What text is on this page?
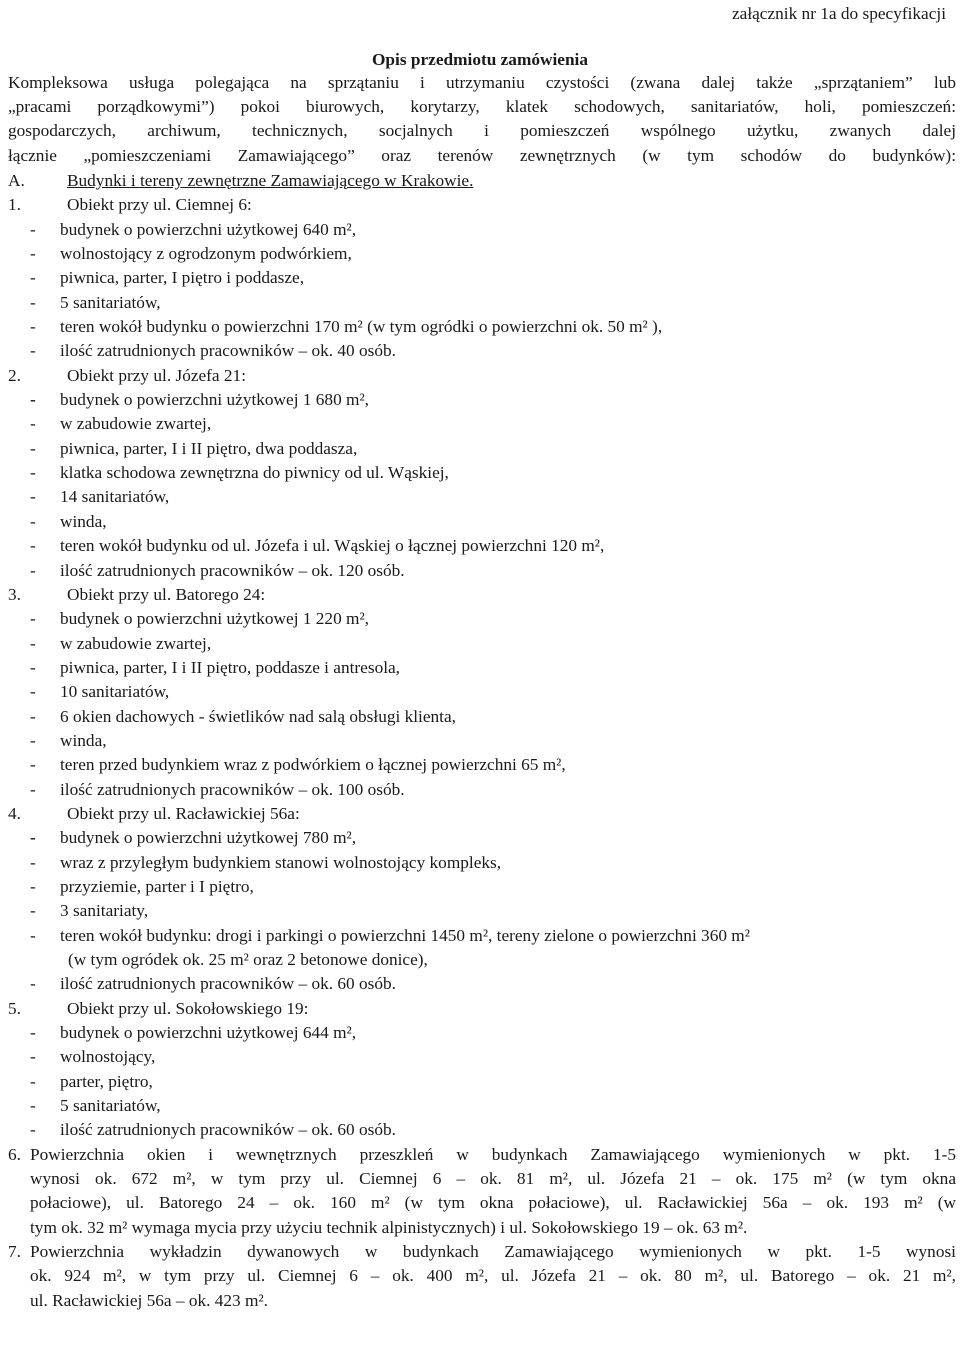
załącznik nr 1a do specyfikacji
Opis przedmiotu zamówienia
Kompleksowa usługa polegająca na sprzątaniu i utrzymaniu czystości (zwana dalej także „sprzątaniem” lub
„pracami porządkowymi”) pokoi biurowych, korytarzy, klatek schodowych, sanitariatów, holi, pomieszczeń:
gospodarczych, archiwum, technicznych, socjalnych i pomieszczeń wspólnego użytku, zwanych dalej
łącznie „pomieszczeniami Zamawiającego” oraz terenów zewnętrznych (w tym schodów do budynków):
A. Budynki i tereny zewnętrzne Zamawiającego w Krakowie.
1.	Obiekt przy ul. Ciemnej 6:
- budynek o powierzchni użytkowej 640 m²,
- wolnostojący z ogrodzonym podwórkiem,
- piwnica, parter, I piętro i poddasze,
- 5 sanitariatów,
- teren wokół budynku o powierzchni 170 m² (w tym ogródki o powierzchni ok. 50 m² ),
- ilość zatrudnionych pracowników – ok. 40 osób.
2.	Obiekt przy ul. Józefa 21:
- budynek o powierzchni użytkowej 1 680 m²,
- w zabudowie zwartej,
- piwnica, parter, I i II piętro, dwa poddasza,
- klatka schodowa zewnętrzna do piwnicy od ul. Wąskiej,
- 14 sanitariatów,
- winda,
- teren wokół budynku od ul. Józefa i ul. Wąskiej o łącznej powierzchni 120 m²,
- ilość zatrudnionych pracowników – ok. 120 osób.
3.	Obiekt przy ul. Batorego 24:
- budynek o powierzchni użytkowej 1 220 m²,
- w zabudowie zwartej,
- piwnica, parter, I i II piętro, poddasze i antresola,
- 10 sanitariatów,
- 6 okien dachowych - świetlików nad salą obsługi klienta,
- winda,
- teren przed budynkiem wraz z podwórkiem o łącznej powierzchni 65 m²,
- ilość zatrudnionych pracowników – ok. 100 osób.
4.	Obiekt przy ul. Racławickiej 56a:
- budynek o powierzchni użytkowej 780 m²,
- wraz z przyległym budynkiem stanowi wolnostojący kompleks,
- przyziemie, parter i I piętro,
- 3 sanitariaty,
- teren wokół budynku: drogi i parkingi o powierzchni 1450 m², tereny zielone o powierzchni 360 m²
(w tym ogródek ok. 25 m² oraz 2 betonowe donice),
- ilość zatrudnionych pracowników – ok. 60 osób.
5.	Obiekt przy ul. Sokołowskiego 19:
- budynek o powierzchni użytkowej 644 m²,
- wolnostojący,
- parter, piętro,
- 5 sanitariatów,
- ilość zatrudnionych pracowników – ok. 60 osób.
6. Powierzchnia okien i wewnętrznych przeszkleń w budynkach Zamawiającego wymienionych w pkt. 1-5
wynosi ok. 672 m², w tym przy ul. Ciemnej 6 – ok. 81 m², ul. Józefa 21 – ok. 175 m² (w tym okna
połaciowe), ul. Batorego 24 – ok. 160 m² (w tym okna połaciowe), ul. Racławickiej 56a – ok. 193 m² (w
tym ok. 32 m² wymaga mycia przy użyciu technik alpinistycznych) i ul. Sokołowskiego 19 – ok. 63 m².
7. Powierzchnia wykładzin dywanowych w budynkach Zamawiającego wymienionych w pkt. 1-5 wynosi
ok. 924 m², w tym przy ul. Ciemnej 6 – ok. 400 m², ul. Józefa 21 – ok. 80 m², ul. Batorego – ok. 21 m²,
ul. Racławickiej 56a – ok. 423 m².
